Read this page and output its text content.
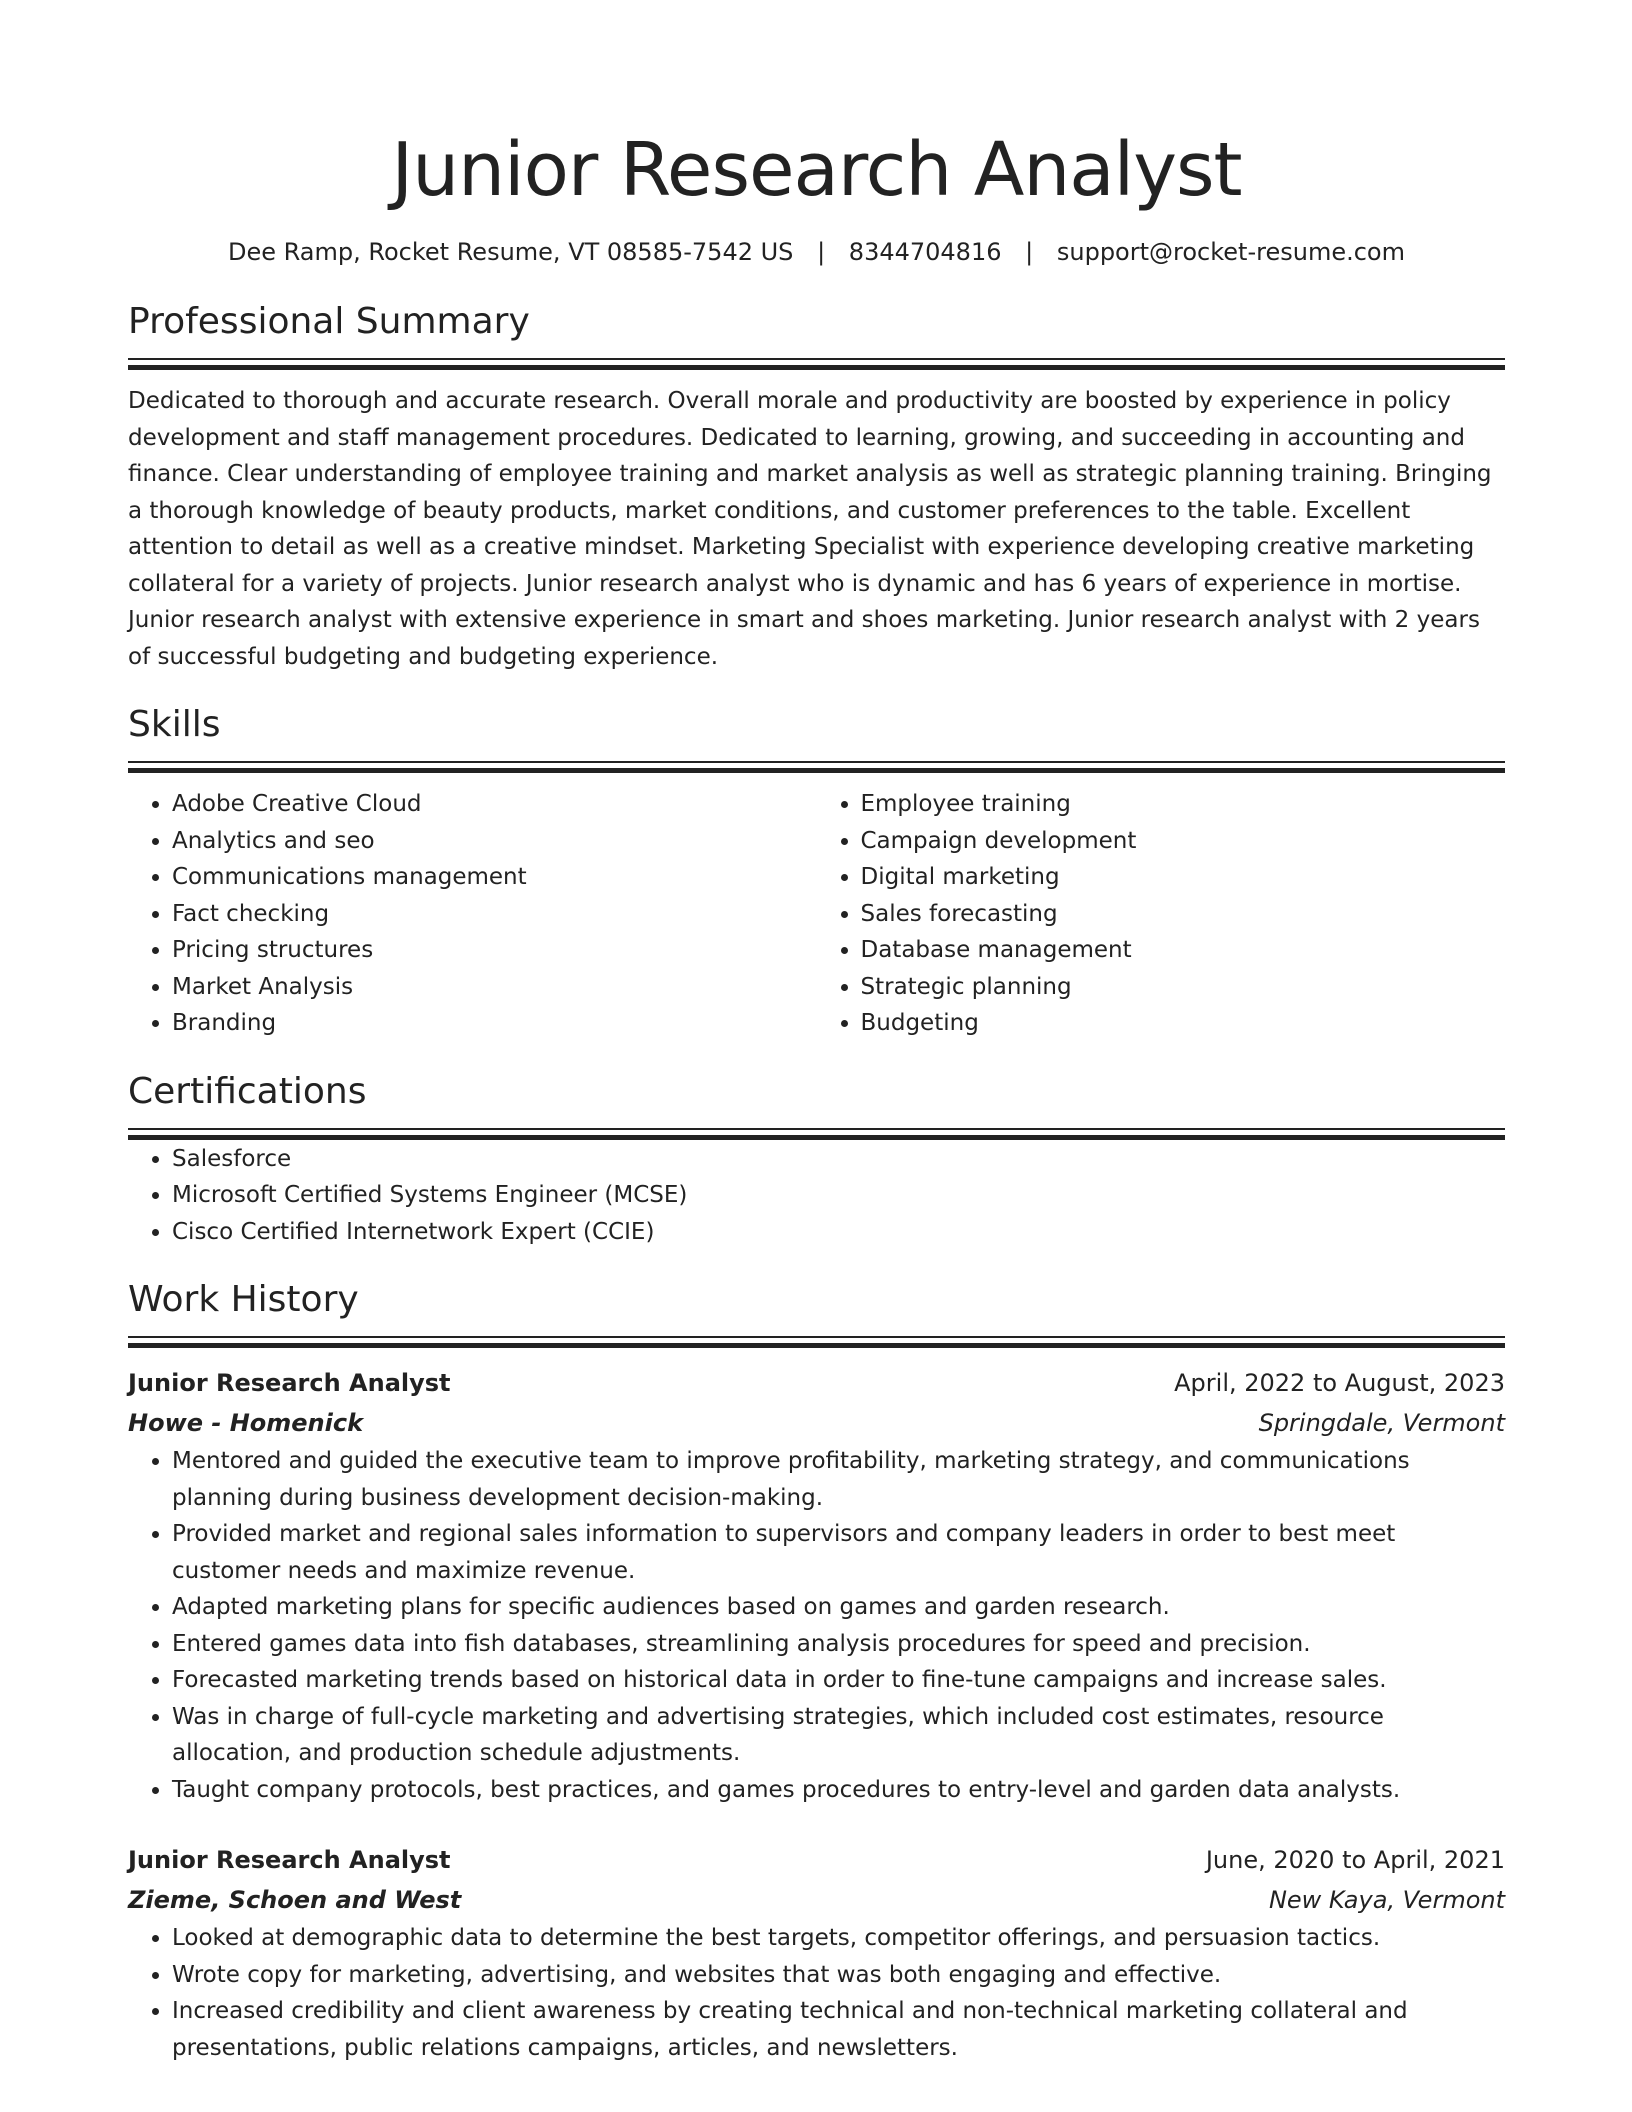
Junior Research Analyst
Dee Ramp, Rocket Resume, VT 08585-7542 US | 8344704816 | support@rocket-resume.com
Professional Summary

Dedicated to thorough and accurate research. Overall morale and productivity are boosted by experience in policy development and staff management procedures. Dedicated to learning, growing, and succeeding in accounting and finance. Clear understanding of employee training and market analysis as well as strategic planning training. Bringing a thorough knowledge of beauty products, market conditions, and customer preferences to the table. Excellent attention to detail as well as a creative mindset. Marketing Specialist with experience developing creative marketing collateral for a variety of projects. Junior research analyst who is dynamic and has 6 years of experience in mortise. Junior research analyst with extensive experience in smart and shoes marketing. Junior research analyst with 2 years of successful budgeting and budgeting experience.

Skills
• Adobe Creative Cloud
• Analytics and seo
• Communications management
• Fact checking
• Pricing structures
• Market Analysis
• Branding
• Employee training
• Campaign development
• Digital marketing
• Sales forecasting
• Database management
• Strategic planning
• Budgeting
Certifications
• Salesforce
• Microsoft Certified Systems Engineer (MCSE)
• Cisco Certified Internetwork Expert (CCIE)
Work History
Junior Research Analyst	April, 2022 to August, 2023
Howe - Homenick	Springdale, Vermont
• Mentored and guided the executive team to improve profitability, marketing strategy, and communications planning during business development decision-making.
• Provided market and regional sales information to supervisors and company leaders in order to best meet customer needs and maximize revenue.
• Adapted marketing plans for specific audiences based on games and garden research.
• Entered games data into fish databases, streamlining analysis procedures for speed and precision.
• Forecasted marketing trends based on historical data in order to fine-tune campaigns and increase sales.
• Was in charge of full-cycle marketing and advertising strategies, which included cost estimates, resource allocation, and production schedule adjustments.
• Taught company protocols, best practices, and games procedures to entry-level and garden data analysts.
Junior Research Analyst	June, 2020 to April, 2021
Zieme, Schoen and West	New Kaya, Vermont
• Looked at demographic data to determine the best targets, competitor offerings, and persuasion tactics.
• Wrote copy for marketing, advertising, and websites that was both engaging and effective.
• Increased credibility and client awareness by creating technical and non-technical marketing collateral and presentations, public relations campaigns, articles, and newsletters.
